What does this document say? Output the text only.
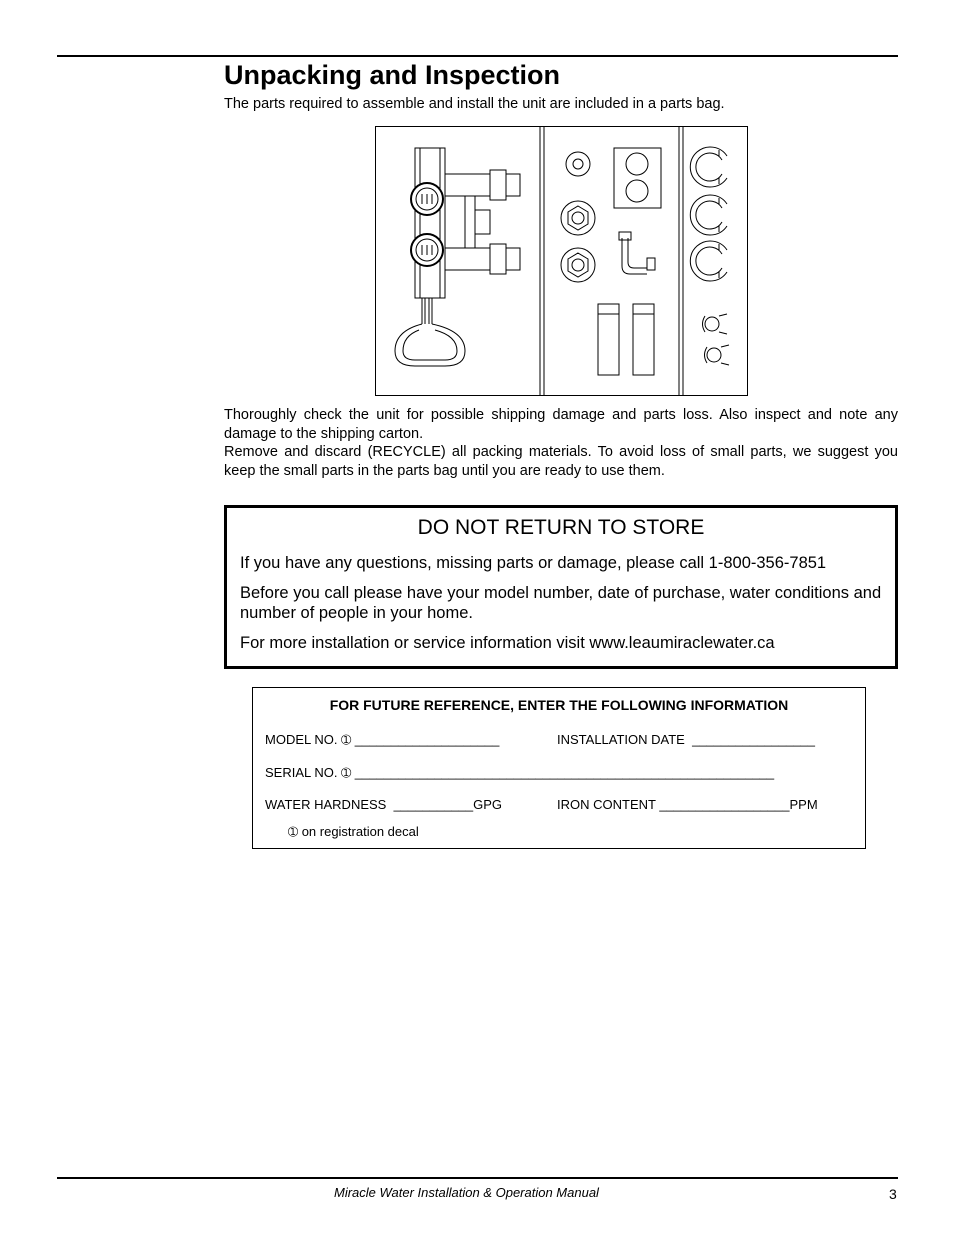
Unpacking and Inspection

The parts required to assemble and install the unit are included in a parts bag.

Thoroughly check the unit for possible shipping damage and parts loss. Also inspect and note any damage to the shipping carton.

Remove and discard (RECYCLE) all packing materials. To avoid loss of small parts, we suggest you keep the small parts in the parts bag until you are ready to use them.

DO NOT RETURN TO STORE

If you have any questions, missing parts or damage, please call 1-800-356-7851

Before you call please have your model number, date of purchase, water conditions and number of people in your home.

For more installation or service information visit www.leaumiraclewater.ca

FOR FUTURE REFERENCE, ENTER THE FOLLOWING INFORMATION

MODEL NO. ➀ ____________________	INSTALLATION DATE _________________

SERIAL NO. ➀ __________________________________________________________

WATER HARDNESS ___________GPG	IRON CONTENT __________________PPM

➀ on registration decal

Miracle Water Installation & Operation Manual	3
